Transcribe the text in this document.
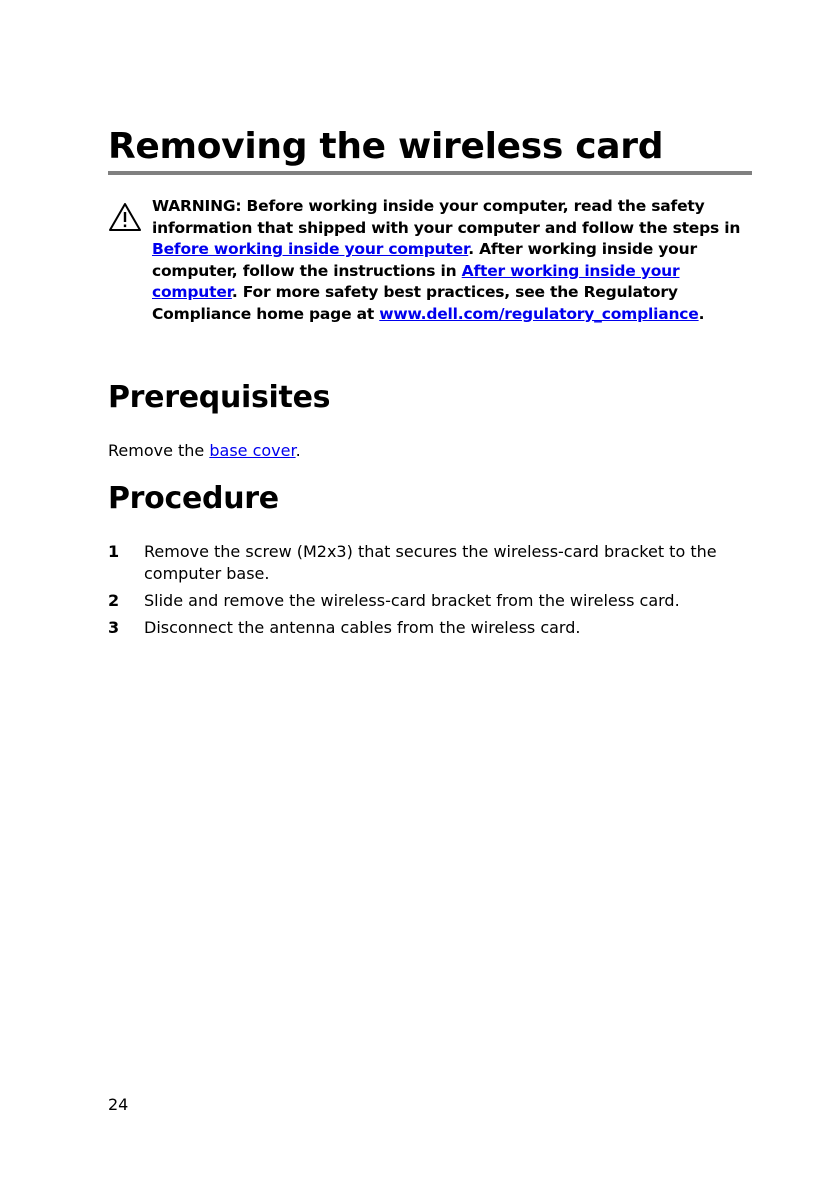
Removing the wireless card
WARNING: Before working inside your computer, read the safety information that shipped with your computer and follow the steps in Before working inside your computer. After working inside your computer, follow the instructions in After working inside your computer. For more safety best practices, see the Regulatory Compliance home page at www.dell.com/regulatory_compliance.
Prerequisites
Remove the base cover.
Procedure
1 Remove the screw (M2x3) that secures the wireless-card bracket to the computer base.
2 Slide and remove the wireless-card bracket from the wireless card.
3 Disconnect the antenna cables from the wireless card.
24
